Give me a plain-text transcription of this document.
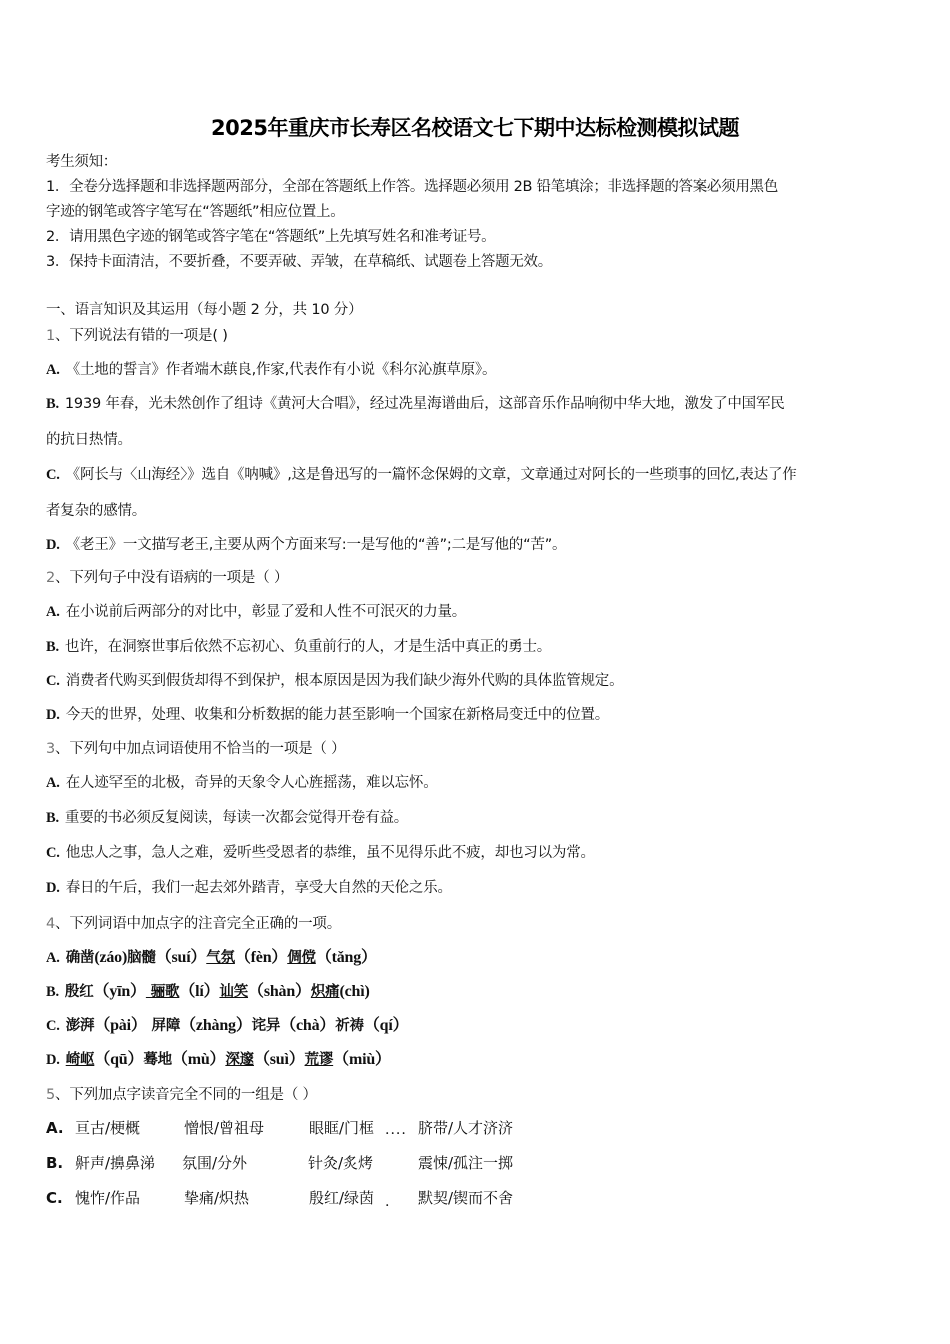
2025年重庆市长寿区名校语文七下期中达标检测模拟试题
考生须知：
1．全卷分选择题和非选择题两部分，全部在答题纸上作答。选择题必须用 2B 铅笔填涂；非选择题的答案必须用黑色
字迹的钢笔或答字笔写在“答题纸”相应位置上。
2．请用黑色字迹的钢笔或答字笔在“答题纸”上先填写姓名和准考证号。
3．保持卡面清洁，不要折叠，不要弄破、弄皱，在草稿纸、试题卷上答题无效。
一、语言知识及其运用（每小题 2 分，共 10 分）
1、下列说法有错的一项是( )
A. 《土地的誓言》作者端木蕻良,作家,代表作有小说《科尔沁旗草原》。
B. 1939 年春，光未然创作了组诗《黄河大合唱》，经过冼星海谱曲后，这部音乐作品响彻中华大地，激发了中国军民
的抗日热情。
C. 《阿长与〈山海经〉》选自《呐喊》,这是鲁迅写的一篇怀念保姆的文章，文章通过对阿长的一些琐事的回忆,表达了作
者复杂的感情。
D. 《老王》一文描写老王,主要从两个方面来写:一是写他的“善”;二是写他的“苦”。
2、下列句子中没有语病的一项是（ ）
A. 在小说前后两部分的对比中，彰显了爱和人性不可泯灭的力量。
B. 也许，在洞察世事后依然不忘初心、负重前行的人，才是生活中真正的勇士。
C. 消费者代购买到假货却得不到保护，根本原因是因为我们缺少海外代购的具体监管规定。
D. 今天的世界，处理、收集和分析数据的能力甚至影响一个国家在新格局变迁中的位置。
3、下列句中加点词语使用不恰当的一项是（ ）
A. 在人迹罕至的北极，奇异的天象令人心旌摇荡，难以忘怀。
B. 重要的书必须反复阅读，每读一次都会觉得开卷有益。
C. 他忠人之事，急人之难，爱听些受恩者的恭维，虽不见得乐此不疲，却也习以为常。
D. 春日的午后，我们一起去郊外踏青，享受大自然的天伦之乐。
4、下列词语中加点字的注音完全正确的一项。
A. 确凿(záo)脑髓（suí）气氛（fèn）倜傥（tǎng）
B. 殷红（yīn） 骊歌（lí）讪笑（shàn）炽痛(chì)
C. 澎湃（pài） 屏障（zhàng）诧异（chà）祈祷（qí）
D. 崎岖（qū）蓦地（mù）深邃（suì）荒谬（miù）
5、下列加点字读音完全不同的一组是（ ）
A. 亘古/梗概	憎恨/曾祖母	眼眶/门框 .... 脐带/人才济济
B. 鼾声/擤鼻涕 氛围/分外	针灸/炙烤	震悚/孤注一掷
C. 愧怍/作品	挚痛/炽热	殷红/绿茵 . 默契/锲而不舍
